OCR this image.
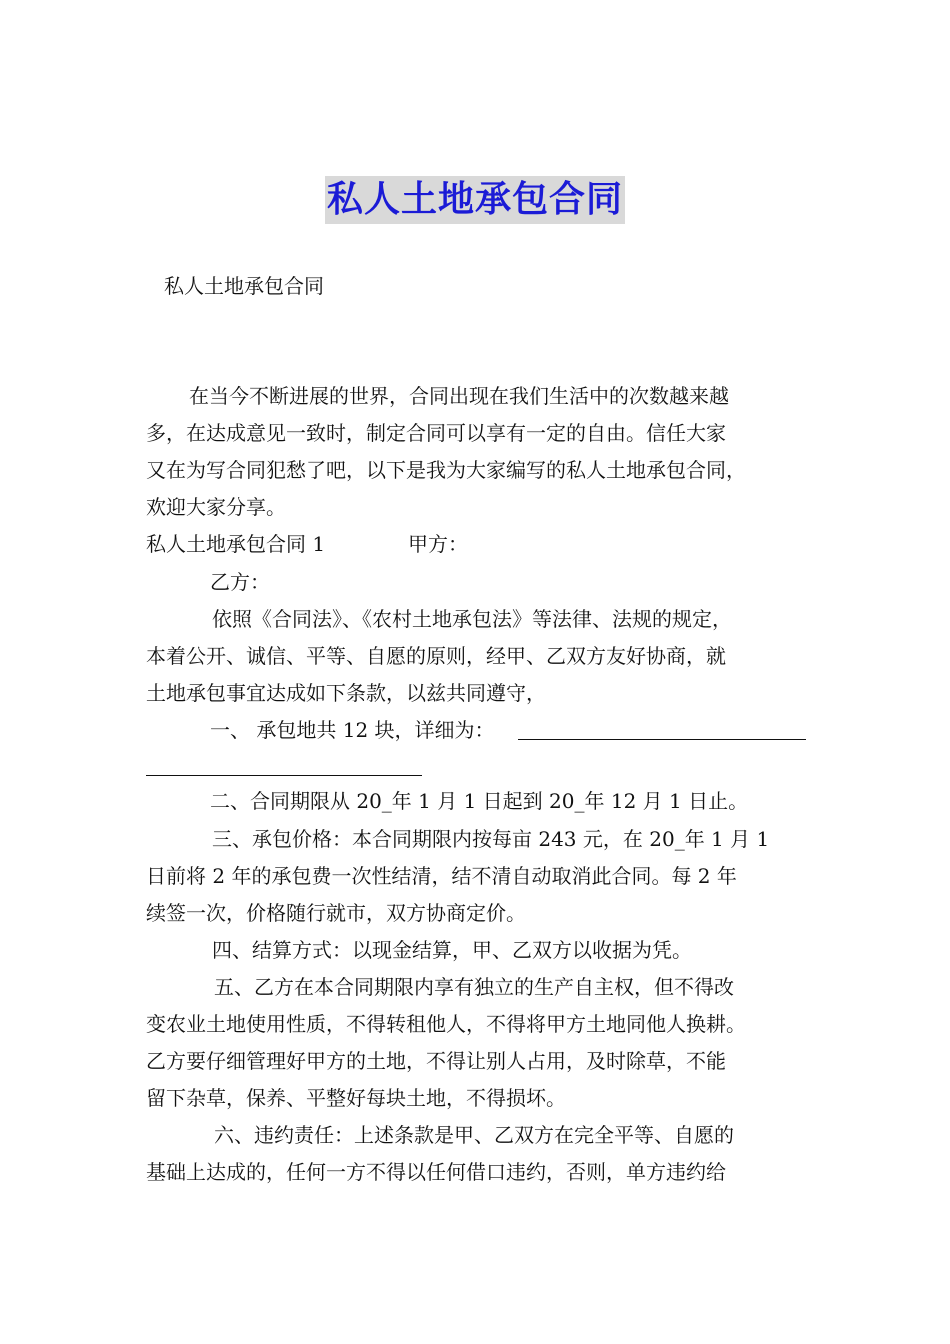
私人土地承包合同
私人土地承包合同
在当今不断进展的世界，合同出现在我们生活中的次数越来越
多，在达成意见一致时，制定合同可以享有一定的自由。信任大家
又在为写合同犯愁了吧，以下是我为大家编写的私人土地承包合同，
欢迎大家分享。
私人土地承包合同 1	甲方：
乙方：
依照《合同法》、《农村土地承包法》等法律、法规的规定，
本着公开、诚信、平等、自愿的原则，经甲、乙双方友好协商，就
土地承包事宜达成如下条款，以兹共同遵守，
一、 承包地共 12 块，详细为：
二、合同期限从 20_年 1 月 1 日起到 20_年 12 月 1 日止。
三、承包价格：本合同期限内按每亩 243 元，在 20_年 1 月 1
日前将 2 年的承包费一次性结清，结不清自动取消此合同。每 2 年
续签一次，价格随行就市，双方协商定价。
四、结算方式：以现金结算，甲、乙双方以收据为凭。
五、乙方在本合同期限内享有独立的生产自主权，但不得改
变农业土地使用性质，不得转租他人，不得将甲方土地同他人换耕。
乙方要仔细管理好甲方的土地，不得让别人占用，及时除草，不能
留下杂草，保养、平整好每块土地，不得损坏。
六、违约责任：上述条款是甲、乙双方在完全平等、自愿的
基础上达成的，任何一方不得以任何借口违约，否则，单方违约给
